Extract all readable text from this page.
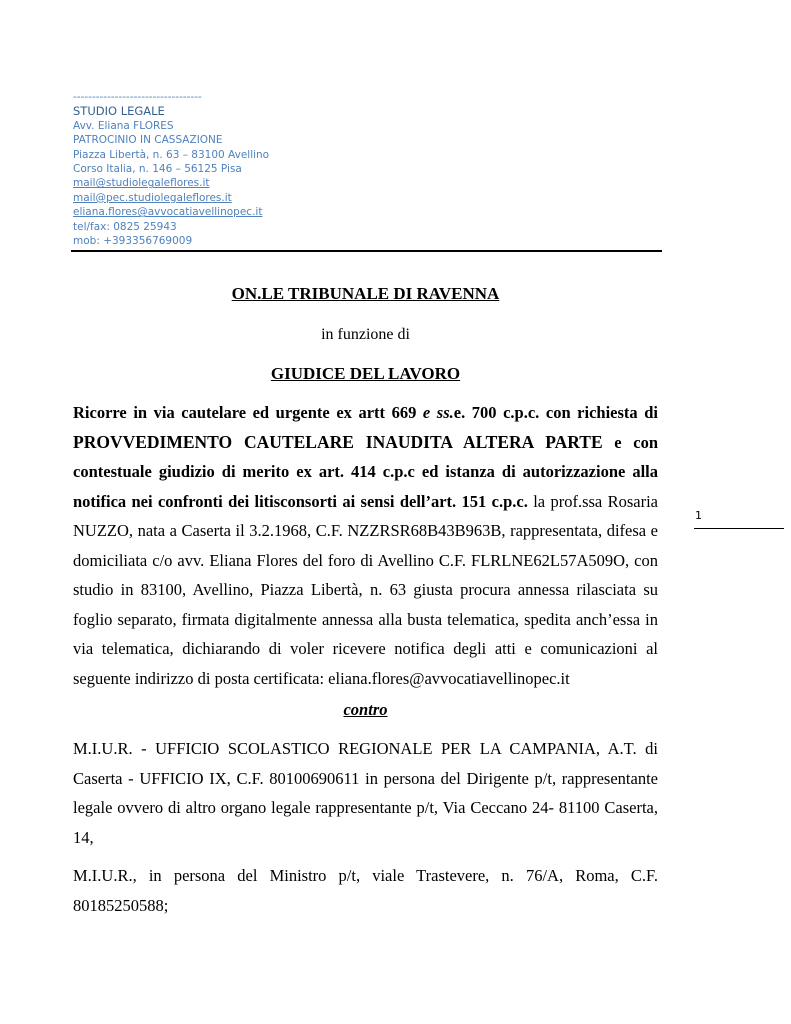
----------------------------------
STUDIO LEGALE
Avv. Eliana FLORES
PATROCINIO IN CASSAZIONE
Piazza Libertà, n. 63 – 83100 Avellino
Corso Italia, n. 146 – 56125 Pisa
mail@studiolegaleflores.it
mail@pec.studiolegaleflores.it
eliana.flores@avvocatiavellinopec.it
tel/fax: 0825 25943
mob: +393356769009
1
ON.LE TRIBUNALE DI RAVENNA
in funzione di
GIUDICE DEL LAVORO
Ricorre in via cautelare ed urgente ex artt 669 e ss.e. 700 c.p.c. con richiesta di PROVVEDIMENTO CAUTELARE INAUDITA ALTERA PARTE e con contestuale giudizio di merito ex art. 414 c.p.c ed istanza di autorizzazione alla notifica nei confronti dei litisconsorti ai sensi dell’art. 151 c.p.c. la prof.ssa Rosaria NUZZO, nata a Caserta il 3.2.1968, C.F. NZZRSR68B43B963B, rappresentata, difesa e domiciliata c/o avv. Eliana Flores del foro di Avellino C.F. FLRLNE62L57A509O, con studio in 83100, Avellino, Piazza Libertà, n. 63 giusta procura annessa rilasciata su foglio separato, firmata digitalmente annessa alla busta telematica, spedita anch’essa in via telematica, dichiarando di voler ricevere notifica degli atti e comunicazioni al seguente indirizzo di posta certificata: eliana.flores@avvocatiavellinopec.it
contro
M.I.U.R. - UFFICIO SCOLASTICO REGIONALE PER LA CAMPANIA, A.T. di Caserta - UFFICIO IX, C.F. 80100690611 in persona del Dirigente p/t, rappresentante legale ovvero di altro organo legale rappresentante p/t, Via Ceccano 24- 81100 Caserta, 14,
M.I.U.R., in persona del Ministro p/t, viale Trastevere, n. 76/A, Roma, C.F. 80185250588;
